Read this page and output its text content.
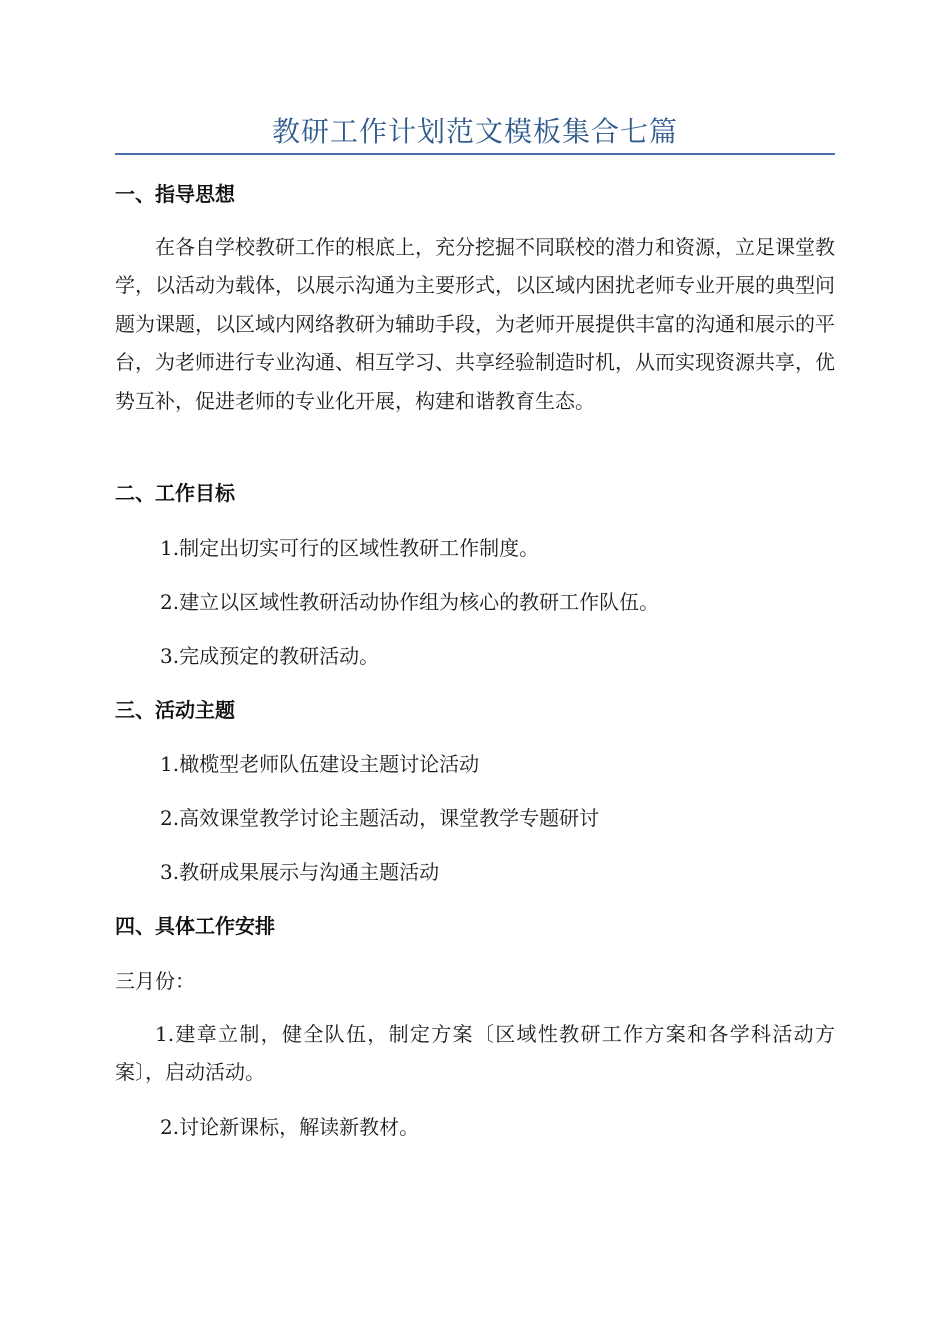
教研工作计划范文模板集合七篇
一、指导思想
在各自学校教研工作的根底上，充分挖掘不同联校的潜力和资源，立足课堂教学，以活动为载体，以展示沟通为主要形式，以区域内困扰老师专业开展的典型问题为课题，以区域内网络教研为辅助手段，为老师开展提供丰富的沟通和展示的平台，为老师进行专业沟通、相互学习、共享经验制造时机，从而实现资源共享，优势互补，促进老师的专业化开展，构建和谐教育生态。
二、工作目标
1.制定出切实可行的区域性教研工作制度。
2.建立以区域性教研活动协作组为核心的教研工作队伍。
3.完成预定的教研活动。
三、活动主题
1.橄榄型老师队伍建设主题讨论活动
2.高效课堂教学讨论主题活动，课堂教学专题研讨
3.教研成果展示与沟通主题活动
四、具体工作安排
三月份：
1.建章立制，健全队伍，制定方案〔区域性教研工作方案和各学科活动方案〕，启动活动。
2.讨论新课标，解读新教材。
